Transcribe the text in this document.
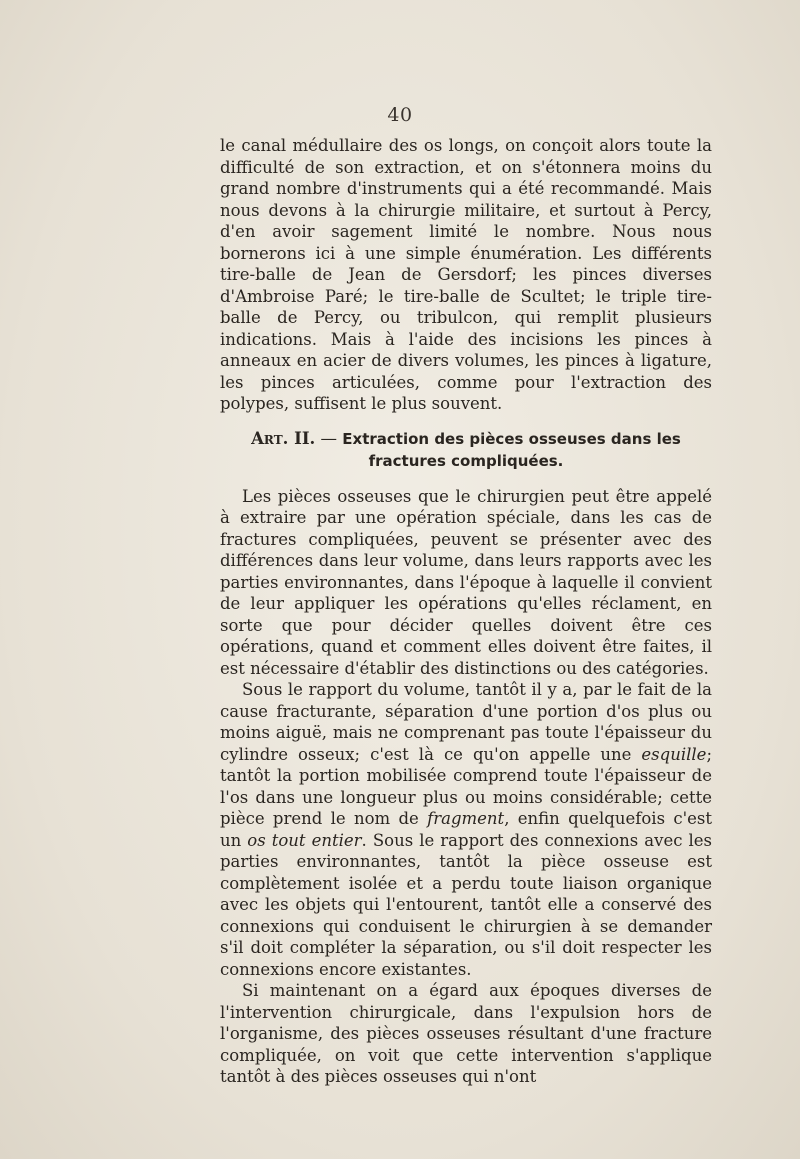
40

le canal médullaire des os longs, on conçoit alors toute la difficulté de son extraction, et on s'étonnera moins du grand nombre d'instruments qui a été recommandé. Mais nous devons à la chirurgie militaire, et surtout à Percy, d'en avoir sagement limité le nombre. Nous nous bornerons ici à une simple énumération. Les différents tire-balle de Jean de Gersdorf; les pinces diverses d'Ambroise Paré; le tire-balle de Scultet; le triple tire-balle de Percy, ou tribulcon, qui remplit plusieurs indications. Mais à l'aide des incisions les pinces à anneaux en acier de divers volumes, les pinces à ligature, les pinces articulées, comme pour l'extraction des polypes, suffisent le plus souvent.

Art. II. — Extraction des pièces osseuses dans les
fractures compliquées.

Les pièces osseuses que le chirurgien peut être appelé à extraire par une opération spéciale, dans les cas de fractures compliquées, peuvent se présenter avec des différences dans leur volume, dans leurs rapports avec les parties environnantes, dans l'époque à laquelle il convient de leur appliquer les opérations qu'elles réclament, en sorte que pour décider quelles doivent être ces opérations, quand et comment elles doivent être faites, il est nécessaire d'établir des distinctions ou des catégories.

Sous le rapport du volume, tantôt il y a, par le fait de la cause fracturante, séparation d'une portion d'os plus ou moins aiguë, mais ne comprenant pas toute l'épaisseur du cylindre osseux; c'est là ce qu'on appelle une esquille; tantôt la portion mobilisée comprend toute l'épaisseur de l'os dans une longueur plus ou moins considérable; cette pièce prend le nom de fragment, enfin quelquefois c'est un os tout entier. Sous le rapport des connexions avec les parties environnantes, tantôt la pièce osseuse est complètement isolée et a perdu toute liaison organique avec les objets qui l'entourent, tantôt elle a conservé des connexions qui conduisent le chirurgien à se demander s'il doit compléter la séparation, ou s'il doit respecter les connexions encore existantes.

Si maintenant on a égard aux époques diverses de l'intervention chirurgicale, dans l'expulsion hors de l'organisme, des pièces osseuses résultant d'une fracture compliquée, on voit que cette intervention s'applique tantôt à des pièces osseuses qui n'ont
